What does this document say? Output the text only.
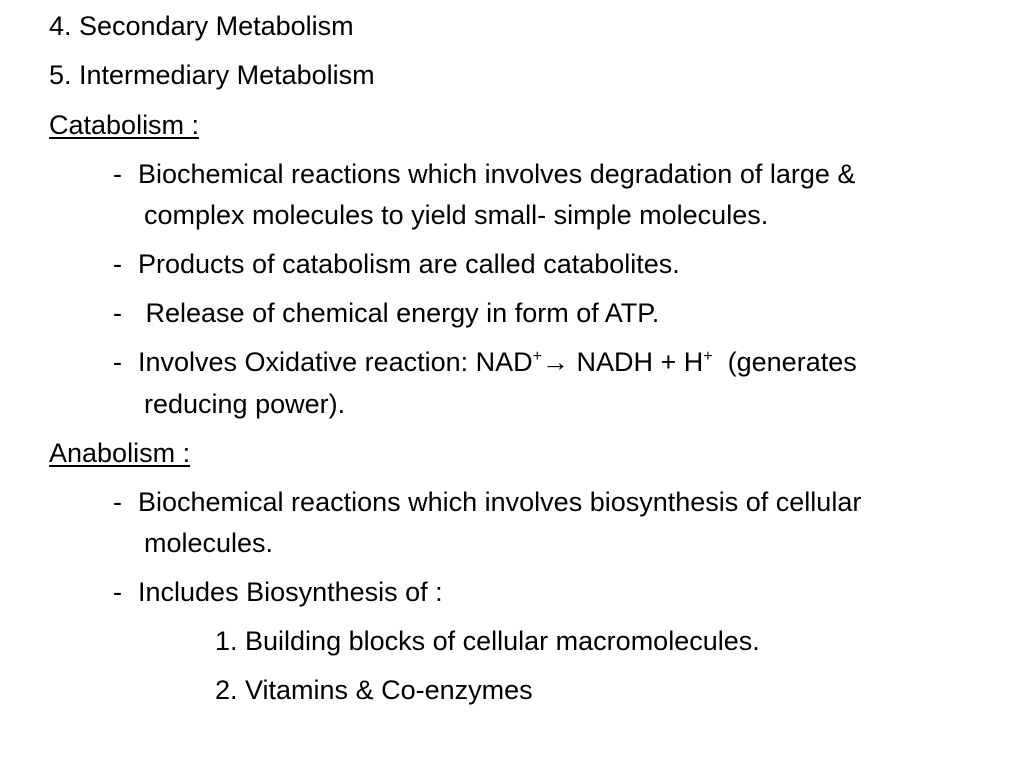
4. Secondary Metabolism
5. Intermediary Metabolism
Catabolism :
- Biochemical reactions which involves degradation of large &
complex molecules to yield small- simple molecules.
- Products of catabolism are called catabolites.
- Release of chemical energy in form of ATP.
- Involves Oxidative reaction: NAD+→ NADH + H+  (generates
reducing power).
Anabolism :
- Biochemical reactions which involves biosynthesis of cellular
molecules.
- Includes Biosynthesis of :
1. Building blocks of cellular macromolecules.
2. Vitamins & Co-enzymes
